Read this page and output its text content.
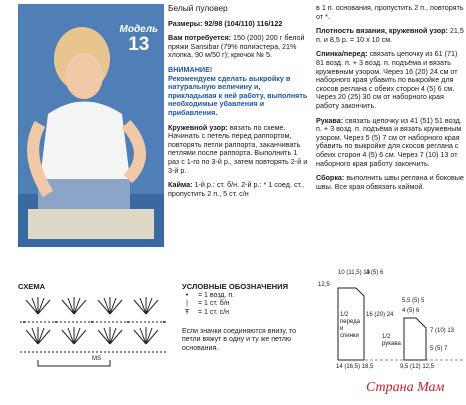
Модель
13
Белый пуловер

Размеры: 92/98 (104/110) 116/122

Вам потребуется: 150 (200) 200 г белой пряжи Sansibar (79% полиэстера, 21% хлопка, 90 м/50 г); крючок № 5.

ВНИМАНИЕ!
Рекомендуем сделать выкройку в натуральную величину и, прикладывая к ней работу, выполнять необходимые убавления и прибавления.

Кружевной узор: вязать по схеме. Начинать с петель перед раппортом, повторять петли раппорта, заканчивать петлями после раппорта. Выполнить 1 раз с 1-го по 3-й р., затем повторять 2-й и 3-й р.

Кайма: 1-й р.: ст. б/н. 2-й р.: * 1 соед. ст., пропустить 2 п., 5 ст. с/н

в 1 п. основания, пропустить 2 п., повторять от *.

Плотность вязания, кружевной узор: 21,5 п. и 8,5 р. = 10 x 10 см.

Спинка/перед: связать цепочку из 61 (71) 81 возд. п. + 3 возд. п. подъёма и вязать кружевным узором. Через 16 (20) 24 см от наборного края убавить по выкройке для скосов реглана с обеих сторон 4 (5) 6 см. Через 20 (25) 30 см от наборного края работу закончить.

Рукава: связать цепочку из 41 (51) 51 возд. п. + 3 возд. п. подъёма и вязать кружевным узором. Через 5 (5) 7 см от наборного края убавить по выкройке для скосов реглана с обеих сторон 4 (5) 6 см. Через 7 (10) 13 от наборного края работу закончить.

Сборка: выполнить швы реглана и боковые швы. Все края обвязать каймой.

СХЕМА
MS
УСЛОВНЫЕ ОБОЗНАЧЕНИЯ
•	= 1 возд. п.
|	= 1 ст. б/н
Ŧ	= 1 ст. с/н
Если значки соединяются внизу, то петли вяжут в одну и ту же петлю основания.
10 (11,5) 13
4 (5) 6
12,5
16 (20) 24
1/2 переда и спинки
14 (16,5) 18,5
5,5 (5) 5
4 (5) 6
7 (10) 13
5 (5) 7
1/2 рукава
9,5 (12) 12,5
Страна Мам
